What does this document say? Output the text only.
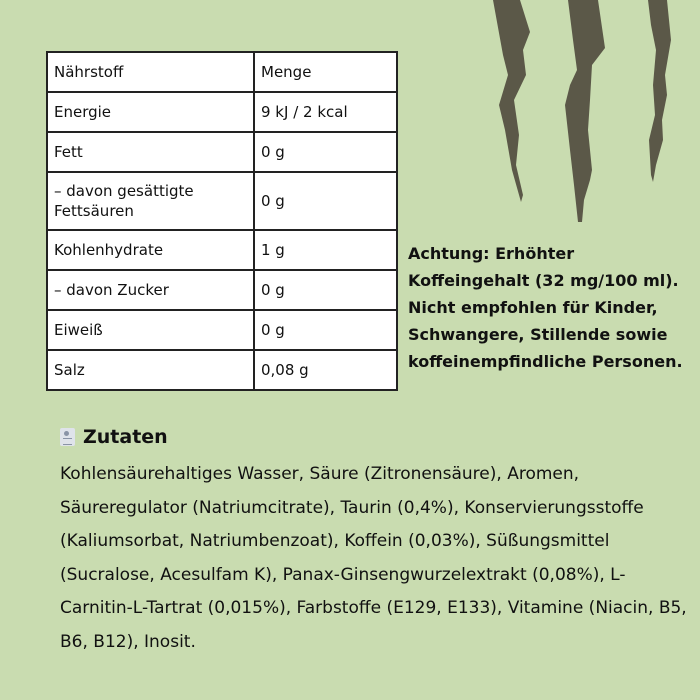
Nährstoff	Menge
Energie	9 kJ / 2 kcal
Fett	0 g
– davon gesättigte Fettsäuren	0 g
Kohlenhydrate	1 g
– davon Zucker	0 g
Eiweiß	0 g
Salz	0,08 g
Achtung: Erhöhter Koffeingehalt (32 mg/100 ml). Nicht empfohlen für Kinder, Schwangere, Stillende sowie koffeinempfindliche Personen.
Zutaten
Kohlensäurehaltiges Wasser, Säure (Zitronensäure), Aromen, Säureregulator (Natriumcitrate), Taurin (0,4%), Konservierungsstoffe (Kaliumsorbat, Natriumbenzoat), Koffein (0,03%), Süßungsmittel (Sucralose, Acesulfam K), Panax-Ginsengwurzelextrakt (0,08%), L-Carnitin-L-Tartrat (0,015%), Farbstoffe (E129, E133), Vitamine (Niacin, B5, B6, B12), Inosit.
